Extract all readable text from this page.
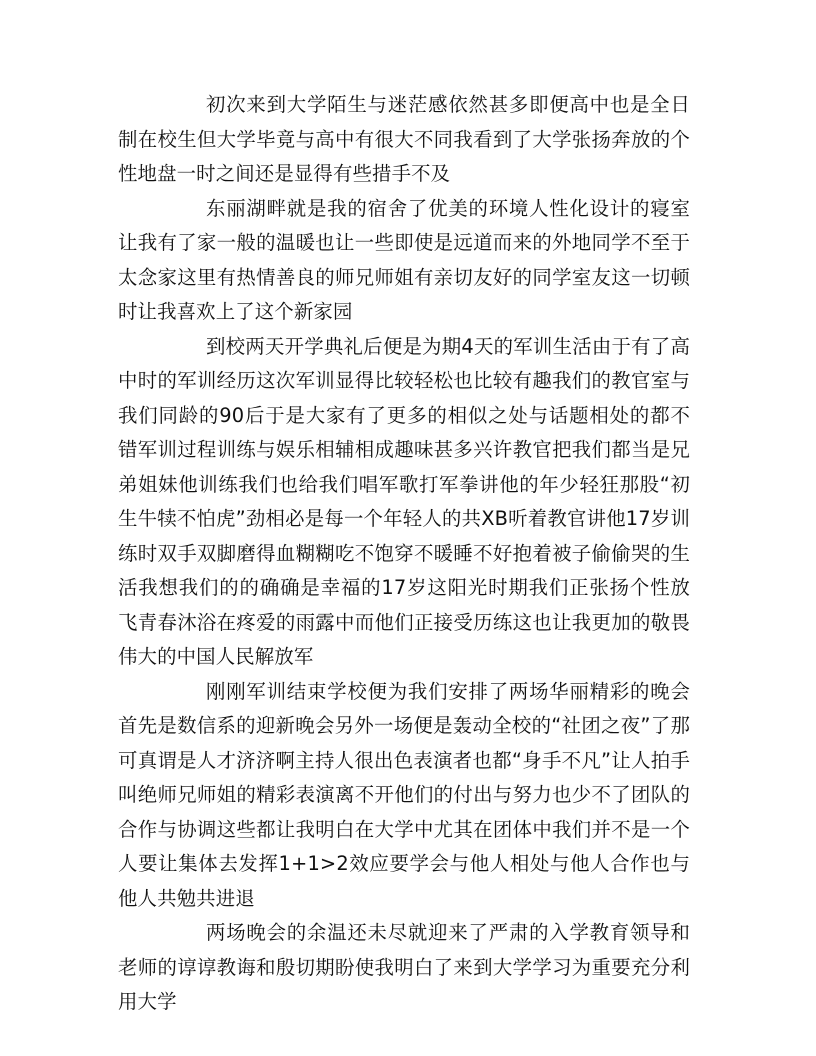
初次来到大学陌生与迷茫感依然甚多即便高中也是全日制在校生但大学毕竟与高中有很大不同我看到了大学张扬奔放的个性地盘一时之间还是显得有些措手不及

东丽湖畔就是我的宿舍了优美的环境人性化设计的寝室让我有了家一般的温暖也让一些即使是远道而来的外地同学不至于太念家这里有热情善良的师兄师姐有亲切友好的同学室友这一切顿时让我喜欢上了这个新家园

到校两天开学典礼后便是为期4天的军训生活由于有了高中时的军训经历这次军训显得比较轻松也比较有趣我们的教官室与我们同龄的90后于是大家有了更多的相似之处与话题相处的都不错军训过程训练与娱乐相辅相成趣味甚多兴许教官把我们都当是兄弟姐妹他训练我们也给我们唱军歌打军拳讲他的年少轻狂那股“初生牛犊不怕虎”劲相必是每一个年轻人的共XB听着教官讲他17岁训练时双手双脚磨得血糊糊吃不饱穿不暖睡不好抱着被子偷偷哭的生活我想我们的的确确是幸福的17岁这阳光时期我们正张扬个性放飞青春沐浴在疼爱的雨露中而他们正接受历练这也让我更加的敬畏伟大的中国人民解放军

刚刚军训结束学校便为我们安排了两场华丽精彩的晚会首先是数信系的迎新晚会另外一场便是轰动全校的“社团之夜”了那可真谓是人才济济啊主持人很出色表演者也都“身手不凡”让人拍手叫绝师兄师姐的精彩表演离不开他们的付出与努力也少不了团队的合作与协调这些都让我明白在大学中尤其在团体中我们并不是一个人要让集体去发挥1+1>2效应要学会与他人相处与他人合作也与他人共勉共进退

两场晚会的余温还未尽就迎来了严肃的入学教育领导和老师的谆谆教诲和殷切期盼使我明白了来到大学学习为重要充分利用大学
